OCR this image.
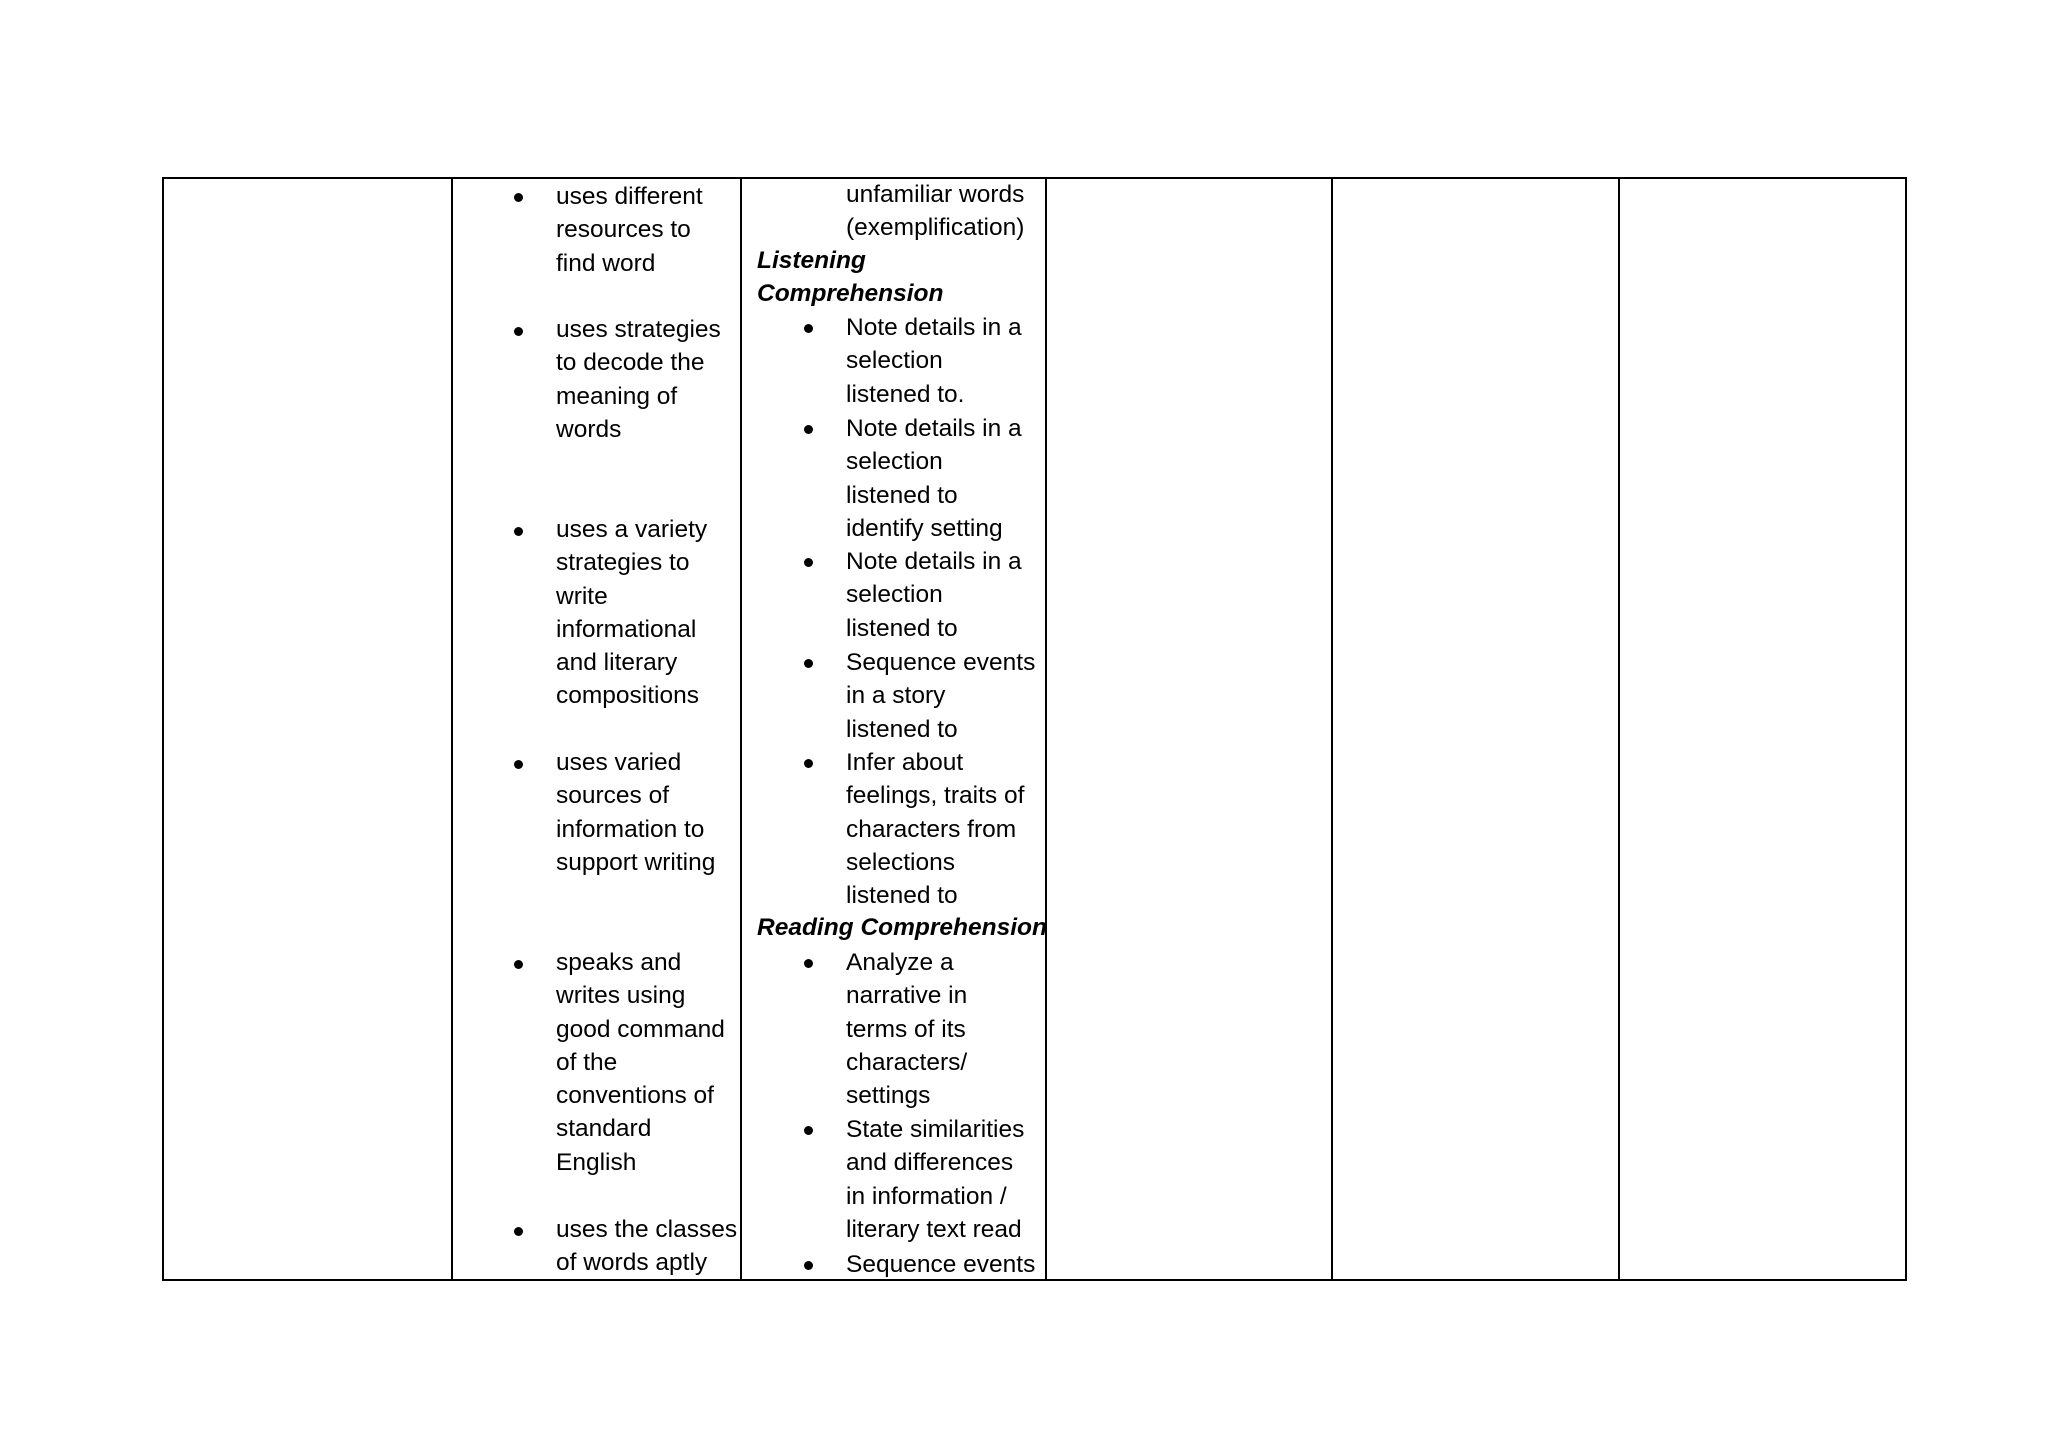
uses different
resources to
find word

uses strategies
to decode the
meaning of
words

uses a variety
strategies to
write
informational
and literary
compositions

uses varied
sources of
information to
support writing

speaks and
writes using
good command
of the
conventions of
standard
English

uses the classes
of words aptly

unfamiliar words
(exemplification)

Listening
Comprehension

Note details in a
selection
listened to.

Note details in a
selection
listened to
identify setting

Note details in a
selection
listened to

Sequence events
in a story
listened to

Infer about
feelings, traits of
characters from
selections
listened to

Reading Comprehension

Analyze a
narrative in
terms of its
characters/
settings

State similarities
and differences
in information /
literary text read

Sequence events
